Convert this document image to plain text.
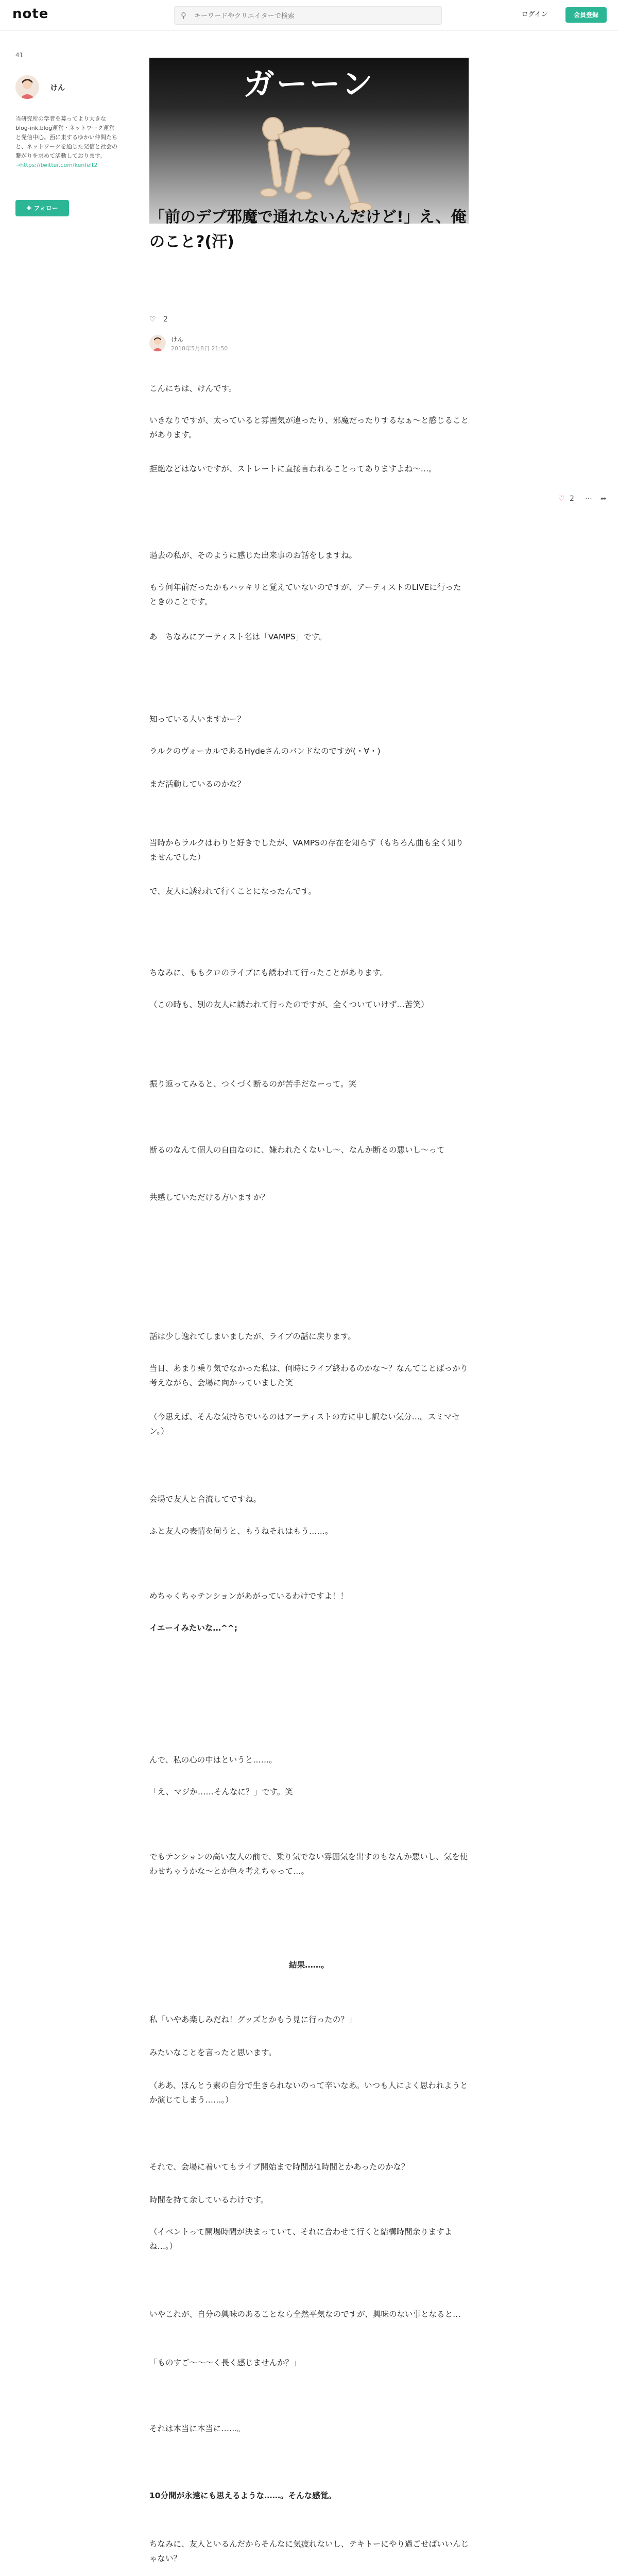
note	⚲
キーワードやクリエイターで検索	ログイン	会員登録
41
けん
当研究所の学者を募ってより大きなblog-ink.blog運営・ネットワーク運営と発信中心。西に東するゆかい仲間たちと、ネットワークを通じた発信と社会の繋がりを求めて活動しております。 →https://twitter.com/kenfelt2
✚ フォロー
ガーーン
「前のデブ邪魔で通れないんだけど!」え、俺のこと?(汗)
♡ 2
けん
2018年5月8日 21:50
♡ 2 ⋯ ➦
こんにちは、けんです。
いきなりですが、太っていると雰囲気が違ったり、邪魔だったりするなぁ〜と感じることがあります。
拒絶などはないですが、ストレートに直接言われることってありますよね〜…。
過去の私が、そのように感じた出来事のお話をしますね。
もう何年前だったかもハッキリと覚えていないのですが、アーティストのLIVEに行ったときのことです。
あ　ちなみにアーティスト名は「VAMPS」です。
知っている人いますかー？
ラルクのヴォーカルであるHydeさんのバンドなのですが(・∀・)
まだ活動しているのかな？
当時からラルクはわりと好きでしたが、VAMPSの存在を知らず（もちろん曲も全く知りませんでした）
で、友人に誘われて行くことになったんです。
ちなみに、ももクロのライブにも誘われて行ったことがあります。
（この時も、別の友人に誘われて行ったのですが、全くついていけず…苦笑）
振り返ってみると、つくづく断るのが苦手だなーって。笑
断るのなんて個人の自由なのに、嫌われたくないし〜、なんか断るの悪いし〜って
共感していただける方いますか？
話は少し逸れてしまいましたが、ライブの話に戻ります。
当日、あまり乗り気でなかった私は、何時にライブ終わるのかな〜？なんてことばっかり考えながら、会場に向かっていました笑
（今思えば、そんな気持ちでいるのはアーティストの方に申し訳ない気分…。スミマセン。）
会場で友人と合流してですね。
ふと友人の表情を伺うと、もうねそれはもう……。
めちゃくちゃテンションがあがっているわけですよ！！
イエーイみたいな…^^;
んで、私の心の中はというと……。
「え、マジか……そんなに？」です。笑
でもテンションの高い友人の前で、乗り気でない雰囲気を出すのもなんか悪いし、気を使わせちゃうかな〜とか色々考えちゃって…。
結果……。
私「いやあ楽しみだね！グッズとかもう見に行ったの？」
みたいなことを言ったと思います。
（ああ、ほんとう素の自分で生きられないのって辛いなあ。いつも人によく思われようとか演じてしまう……。）
それで、会場に着いてもライブ開始まで時間が1時間とかあったのかな？
時間を持て余しているわけです。
（イベントって開場時間が決まっていて、それに合わせて行くと結構時間余りますよね…。）
いやこれが、自分の興味のあることなら全然平気なのですが、興味のない事となると…
「ものすご〜〜〜く長く感じませんか？」
それは本当に本当に……。
10分間が永遠にも思えるような……。そんな感覚。
ちなみに、友人といるんだからそんなに気疲れないし、テキトーにやり過ごせばいいんじゃない？
